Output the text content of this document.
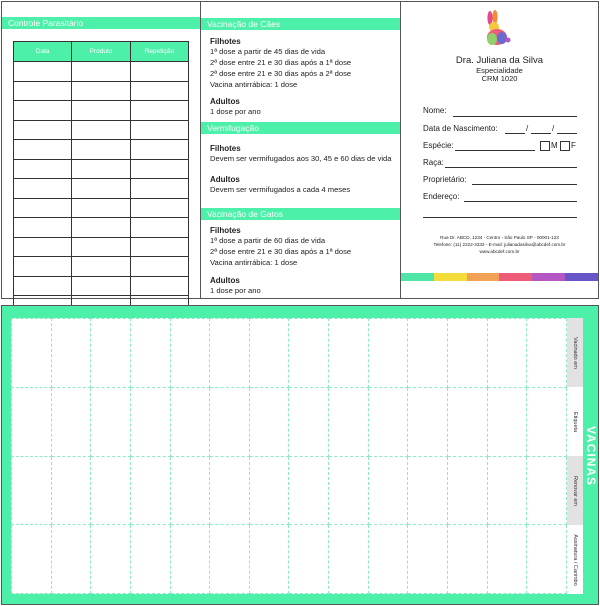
Controle Parasitário
Data	Produto	Repetição

Vacinação de Cães
Filhotes
1ª dose a partir de 45 dias de vida
2ª dose entre 21 e 30 dias após a 1ª dose
2ª dose entre 21 e 30 dias após a 2ª dose
Vacina antirrábica: 1 dose
Adultos
1 dose por ano
Vermifugação
Filhotes
Devem ser vermifugados aos 30, 45 e 60 dias de vida
Adultos
Devem ser vermifugados a cada 4 meses
Vacinação de Gatos
Filhotes
1ª dose a partir de 60 dias de vida
2ª dose entre 21 e 30 dias após a 1ª dose
Vacina antirrábica: 1 dose
Adultos
1 dose por ano
Dra. Juliana da Silva
Especialidade
CRM 1020
Nome:
Data de Nascimento:	/	/
Espécie:	M F
Raça:
Proprietário:
Endereço:
Rua Dr. ABCD, 1234 - Centro - São Paulo SP - 00001-123
Telefone: (11) 2222-3333 - E-mail: julianadasilva@abcdef.com.br
www.abcdef.com.br

Vacinado em
Etiqueta
Renovar em
Assinatura / Carimbo
VACINAS
